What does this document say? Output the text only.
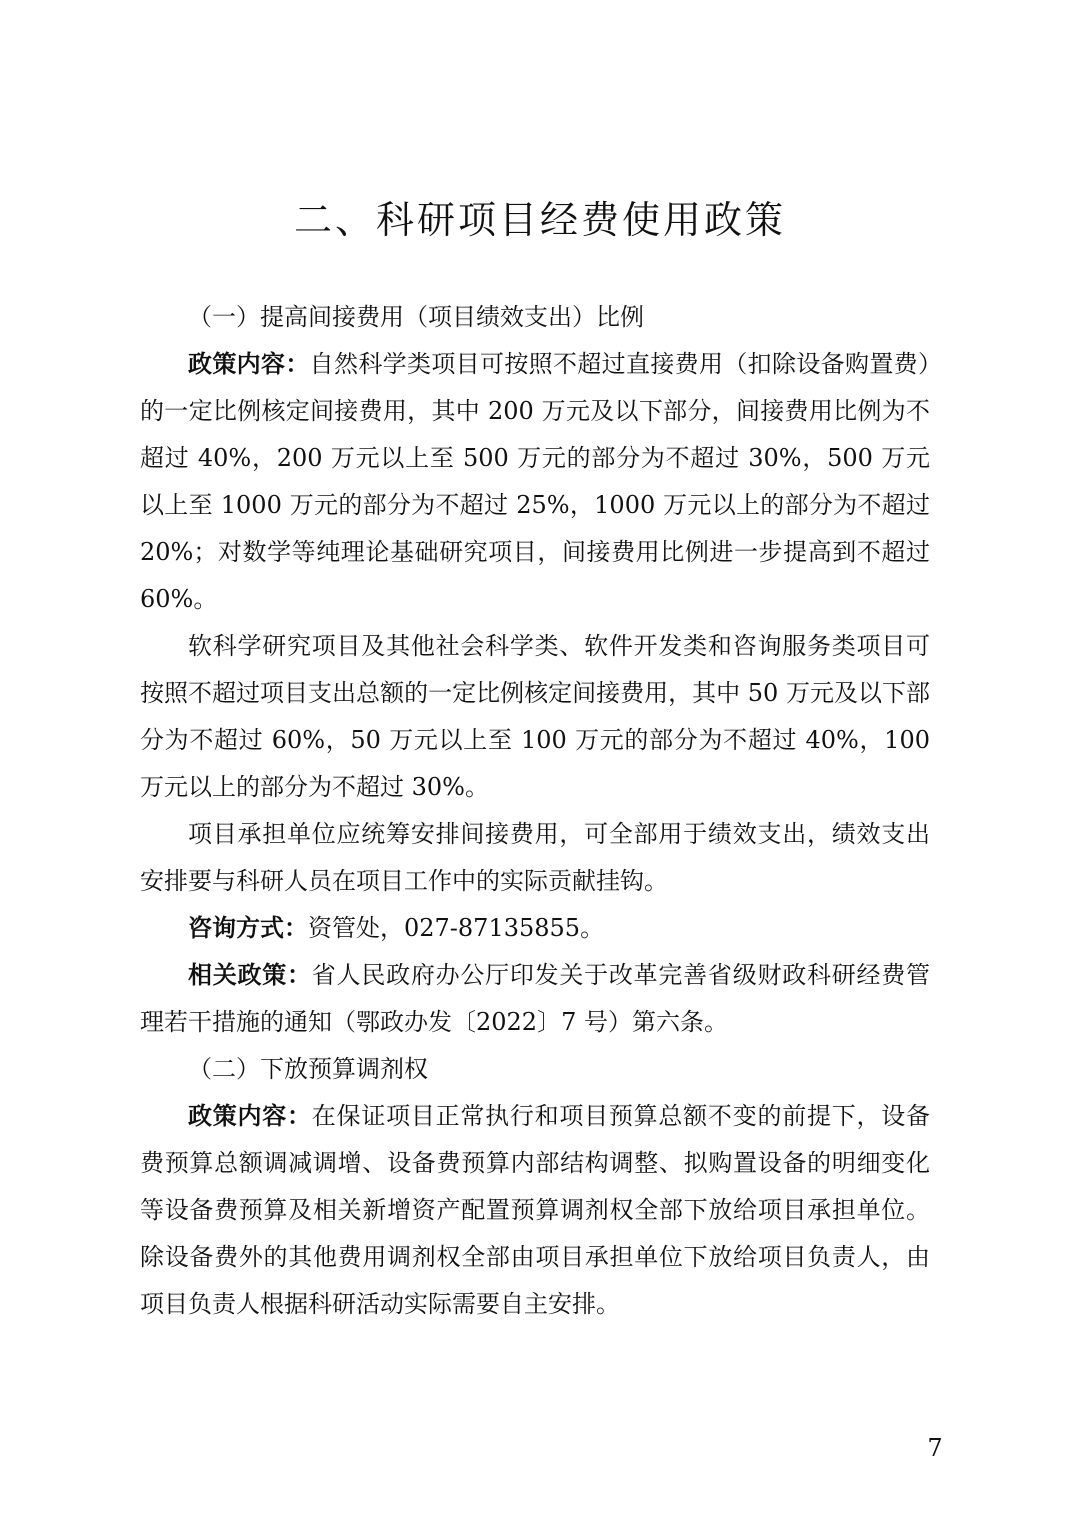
二、科研项目经费使用政策

（一）提高间接费用（项目绩效支出）比例

政策内容：自然科学类项目可按照不超过直接费用（扣除设备购置费）的一定比例核定间接费用，其中 200 万元及以下部分，间接费用比例为不超过 40%，200 万元以上至 500 万元的部分为不超过 30%，500 万元以上至 1000 万元的部分为不超过 25%，1000 万元以上的部分为不超过 20%；对数学等纯理论基础研究项目，间接费用比例进一步提高到不超过 60%。

软科学研究项目及其他社会科学类、软件开发类和咨询服务类项目可按照不超过项目支出总额的一定比例核定间接费用，其中 50 万元及以下部分为不超过 60%，50 万元以上至 100 万元的部分为不超过 40%，100 万元以上的部分为不超过 30%。

项目承担单位应统筹安排间接费用，可全部用于绩效支出，绩效支出安排要与科研人员在项目工作中的实际贡献挂钩。

咨询方式：资管处，027-87135855。

相关政策：省人民政府办公厅印发关于改革完善省级财政科研经费管理若干措施的通知（鄂政办发〔2022〕7 号）第六条。

（二）下放预算调剂权

政策内容：在保证项目正常执行和项目预算总额不变的前提下，设备费预算总额调减调增、设备费预算内部结构调整、拟购置设备的明细变化等设备费预算及相关新增资产配置预算调剂权全部下放给项目承担单位。除设备费外的其他费用调剂权全部由项目承担单位下放给项目负责人，由项目负责人根据科研活动实际需要自主安排。

7
